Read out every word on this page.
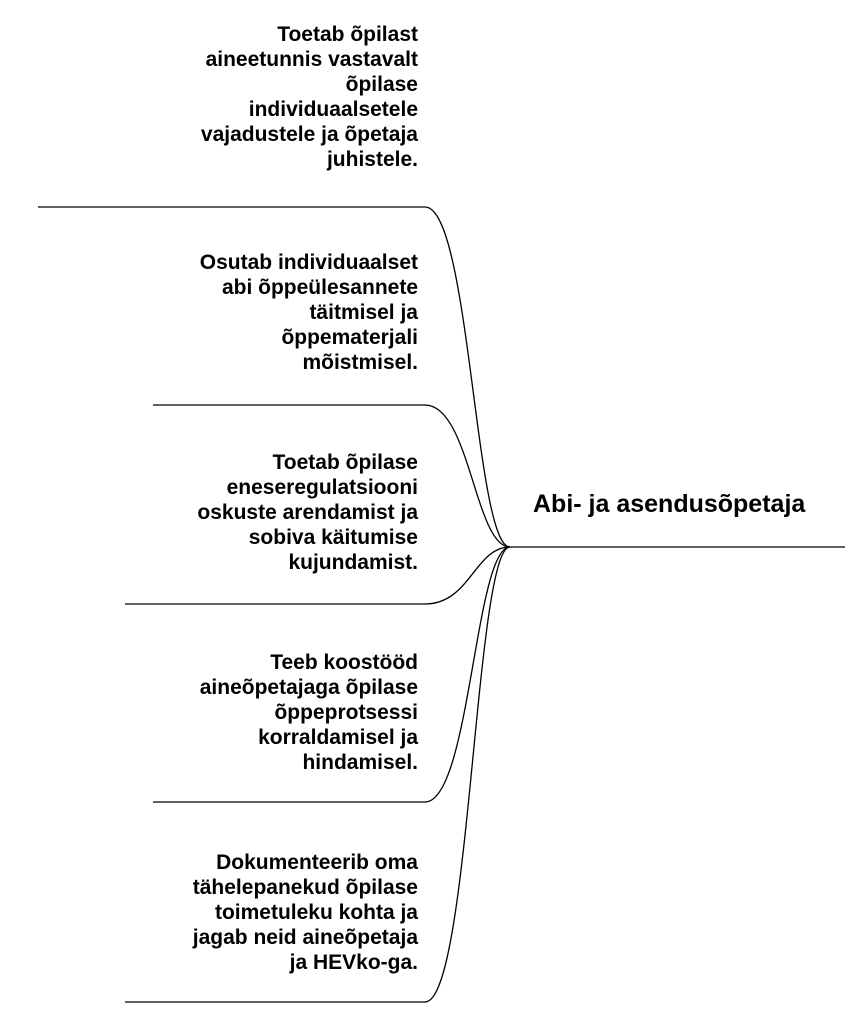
Toetab õpilast
aineetunnis vastavalt
õpilase
individuaalsetele
vajadustele ja õpetaja
juhistele.
Osutab individuaalset
abi õppeülesannete
täitmisel ja
õppematerjali
mõistmisel.
Toetab õpilase
eneseregulatsiooni
oskuste arendamist ja
sobiva käitumise
kujundamist.
Teeb koostööd
aineõpetajaga õpilase
õppeprotsessi
korraldamisel ja
hindamisel.
Dokumenteerib oma
tähelepanekud õpilase
toimetuleku kohta ja
jagab neid aineõpetaja
ja HEVko-ga.
Abi- ja asendusõpetaja
